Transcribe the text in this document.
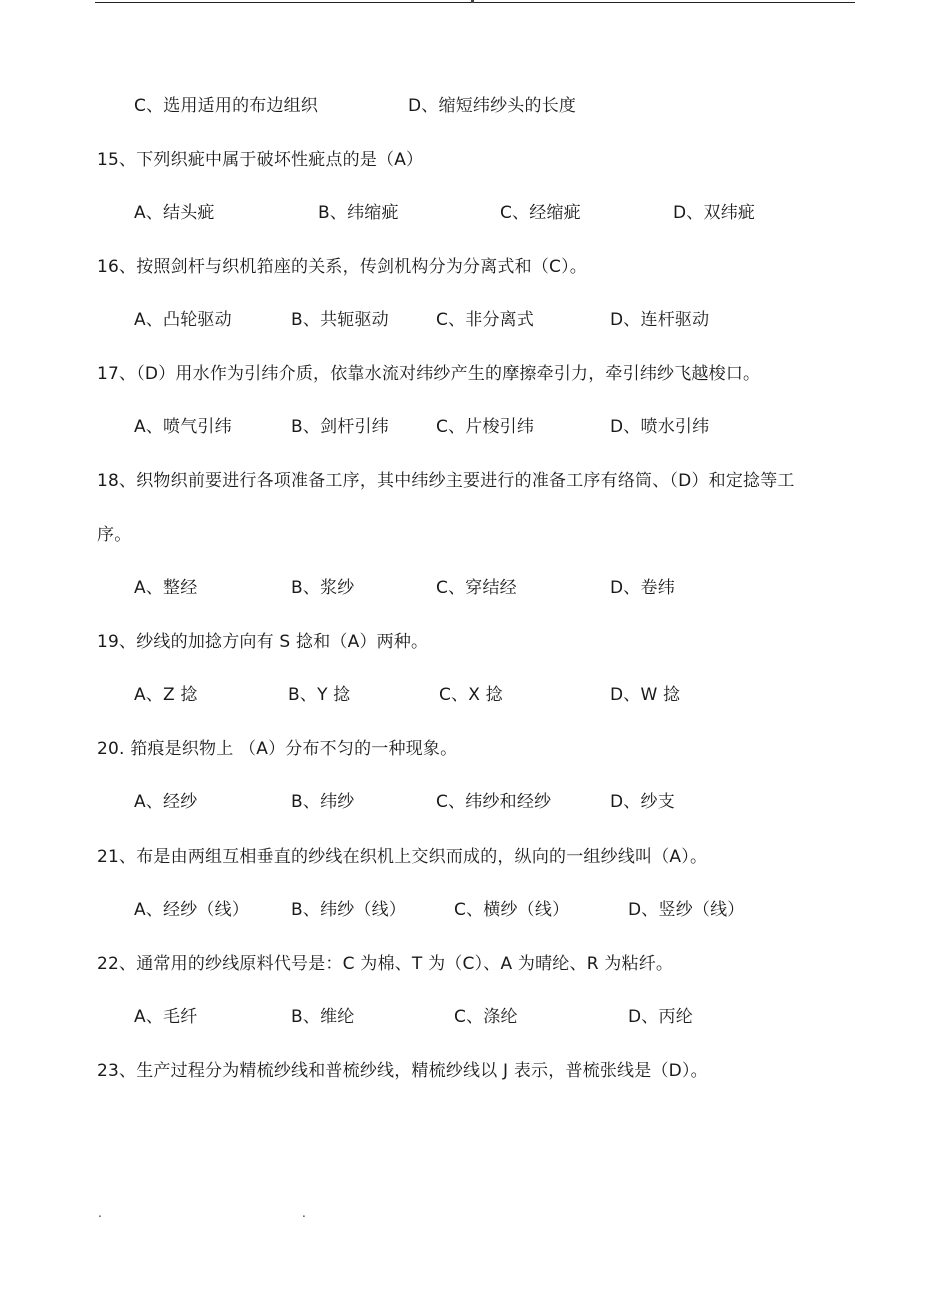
C、选用适用的布边组织	D、缩短纬纱头的长度
15、下列织疵中属于破坏性疵点的是（A）
A、结头疵	B、纬缩疵	C、经缩疵	D、双纬疵
16、按照剑杆与织机筘座的关系，传剑机构分为分离式和（C）。
A、凸轮驱动	B、共轭驱动	C、非分离式	D、连杆驱动
17、（D）用水作为引纬介质，依靠水流对纬纱产生的摩擦牵引力，牵引纬纱飞越梭口。
A、喷气引纬	B、剑杆引纬	C、片梭引纬	D、喷水引纬
18、织物织前要进行各项准备工序，其中纬纱主要进行的准备工序有络筒、（D）和定捻等工
序。
A、整经	B、浆纱	C、穿结经	D、卷纬
19、纱线的加捻方向有 S 捻和（A）两种。
A、Z 捻	B、Y 捻	C、X 捻	D、W 捻
20. 筘痕是织物上 （A）分布不匀的一种现象。
A、经纱	B、纬纱	C、纬纱和经纱	D、纱支
21、布是由两组互相垂直的纱线在织机上交织而成的，纵向的一组纱线叫（A）。
A、经纱（线） B、纬纱（线）	C、横纱（线）	D、竖纱（线）
22、通常用的纱线原料代号是：C 为棉、T 为（C）、A 为晴纶、R 为粘纤。
A、毛纤	B、维纶	C、涤纶	D、丙纶
23、生产过程分为精梳纱线和普梳纱线，精梳纱线以 J 表示，普梳张线是（D）。
.	.
